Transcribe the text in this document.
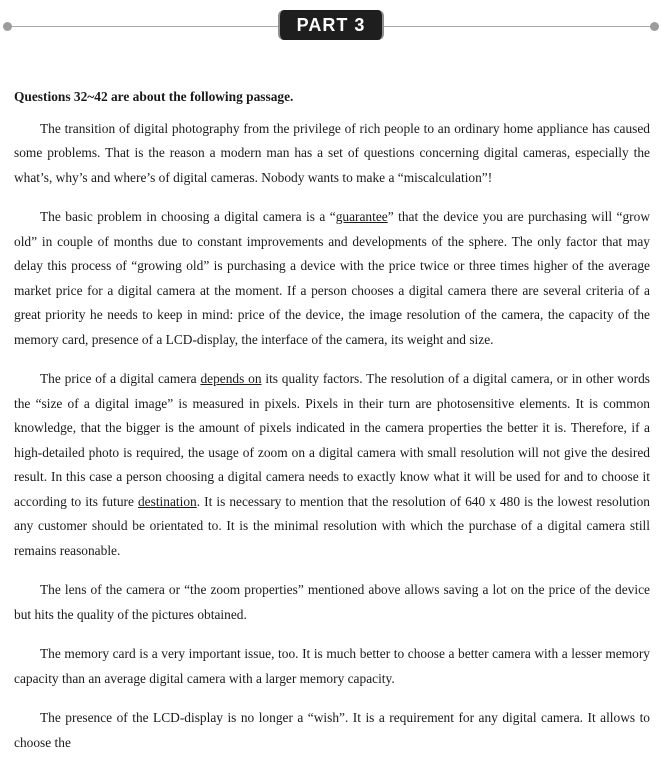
PART 3
Questions 32~42 are about the following passage.

The transition of digital photography from the privilege of rich people to an ordinary home appliance has caused some problems. That is the reason a modern man has a set of questions concerning digital cameras, especially the what’s, why’s and where’s of digital cameras. Nobody wants to make a “miscalculation”!

The basic problem in choosing a digital camera is a “guarantee” that the device you are purchasing will “grow old” in couple of months due to constant improvements and developments of the sphere. The only factor that may delay this process of “growing old” is purchasing a device with the price twice or three times higher of the average market price for a digital camera at the moment. If a person chooses a digital camera there are several criteria of a great priority he needs to keep in mind: price of the device, the image resolution of the camera, the capacity of the memory card, presence of a LCD-display, the interface of the camera, its weight and size.

The price of a digital camera depends on its quality factors. The resolution of a digital camera, or in other words the “size of a digital image” is measured in pixels. Pixels in their turn are photosensitive elements. It is common knowledge, that the bigger is the amount of pixels indicated in the camera properties the better it is. Therefore, if a high-detailed photo is required, the usage of zoom on a digital camera with small resolution will not give the desired result. In this case a person choosing a digital camera needs to exactly know what it will be used for and to choose it according to its future destination. It is necessary to mention that the resolution of 640 x 480 is the lowest resolution any customer should be orientated to. It is the minimal resolution with which the purchase of a digital camera still remains reasonable.

The lens of the camera or “the zoom properties” mentioned above allows saving a lot on the price of the device but hits the quality of the pictures obtained.

The memory card is a very important issue, too. It is much better to choose a better camera with a lesser memory capacity than an average digital camera with a larger memory capacity.

The presence of the LCD-display is no longer a “wish”. It is a requirement for any digital camera. It allows to choose the
